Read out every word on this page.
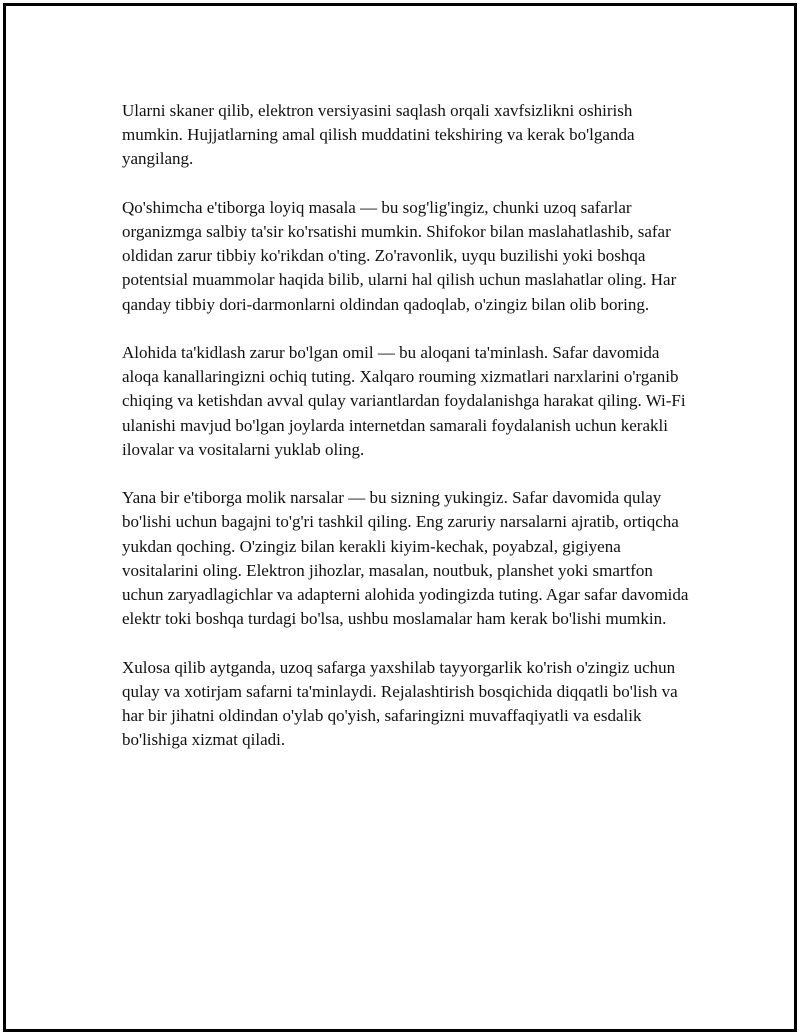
Ularni skaner qilib, elektron versiyasini saqlash orqali xavfsizlikni oshirish mumkin. Hujjatlarning amal qilish muddatini tekshiring va kerak bo'lganda yangilang.

Qo'shimcha e'tiborga loyiq masala — bu sog'lig'ingiz, chunki uzoq safarlar organizmga salbiy ta'sir ko'rsatishi mumkin. Shifokor bilan maslahatlashib, safar oldidan zarur tibbiy ko'rikdan o'ting. Zo'ravonlik, uyqu buzilishi yoki boshqa potentsial muammolar haqida bilib, ularni hal qilish uchun maslahatlar oling. Har qanday tibbiy dori-darmonlarni oldindan qadoqlab, o'zingiz bilan olib boring.

Alohida ta'kidlash zarur bo'lgan omil — bu aloqani ta'minlash. Safar davomida aloqa kanallaringizni ochiq tuting. Xalqaro rouming xizmatlari narxlarini o'rganib chiqing va ketishdan avval qulay variantlardan foydalanishga harakat qiling. Wi-Fi ulanishi mavjud bo'lgan joylarda internetdan samarali foydalanish uchun kerakli ilovalar va vositalarni yuklab oling.

Yana bir e'tiborga molik narsalar — bu sizning yukingiz. Safar davomida qulay bo'lishi uchun bagajni to'g'ri tashkil qiling. Eng zaruriy narsalarni ajratib, ortiqcha yukdan qoching. O'zingiz bilan kerakli kiyim-kechak, poyabzal, gigiyena vositalarini oling. Elektron jihozlar, masalan, noutbuk, planshet yoki smartfon uchun zaryadlagichlar va adapterni alohida yodingizda tuting. Agar safar davomida elektr toki boshqa turdagi bo'lsa, ushbu moslamalar ham kerak bo'lishi mumkin.

Xulosa qilib aytganda, uzoq safarga yaxshilab tayyorgarlik ko'rish o'zingiz uchun qulay va xotirjam safarni ta'minlaydi. Rejalashtirish bosqichida diqqatli bo'lish va har bir jihatni oldindan o'ylab qo'yish, safaringizni muvaffaqiyatli va esdalik bo'lishiga xizmat qiladi.
